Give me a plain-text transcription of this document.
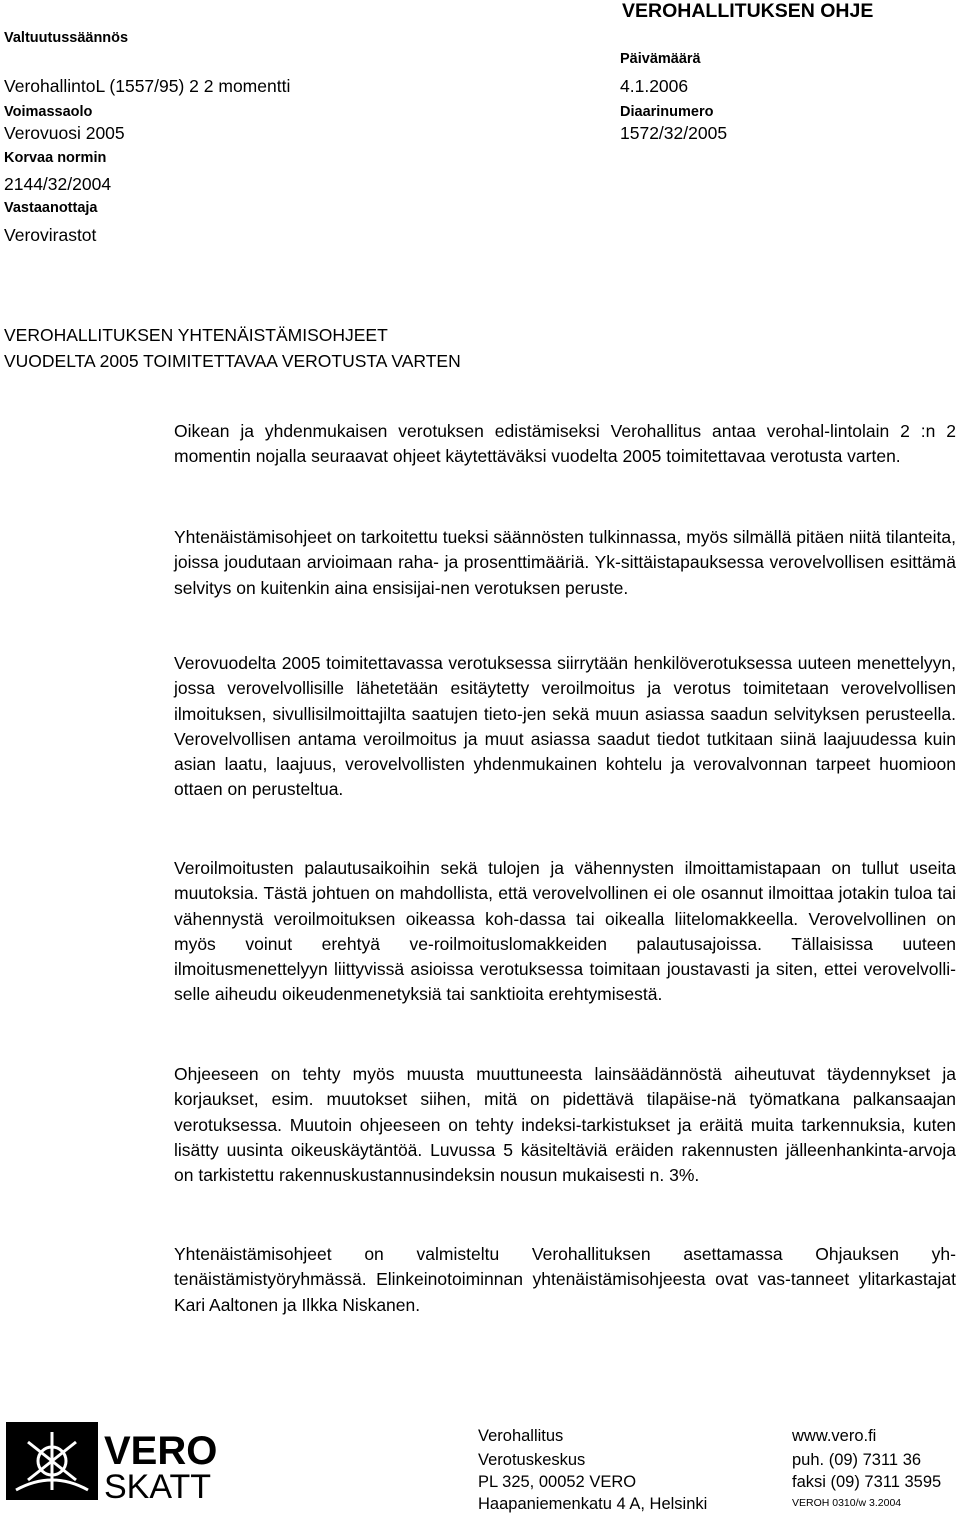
VEROHALLITUKSEN OHJE
Valtuutussäännös
VerohallintoL (1557/95) 2 2 momentti
Voimassaolo
Verovuosi 2005
Korvaa normin
2144/32/2004
Vastaanottaja
Verovirastot
Päivämäärä
4.1.2006
Diaarinumero
1572/32/2005
VEROHALLITUKSEN YHTENÄISTÄMISOHJEET
VUODELTA 2005 TOIMITETTAVAA VEROTUSTA VARTEN

Oikean ja yhdenmukaisen verotuksen edistämiseksi Verohallitus antaa verohal-lintolain 2 :n 2 momentin nojalla seuraavat ohjeet käytettäväksi vuodelta 2005 toimitettavaa verotusta varten.

Yhtenäistämisohjeet on tarkoitettu tueksi säännösten tulkinnassa, myös silmällä pitäen niitä tilanteita, joissa joudutaan arvioimaan raha- ja prosenttimääriä. Yk-sittäistapauksessa verovelvollisen esittämä selvitys on kuitenkin aina ensisijai-nen verotuksen peruste.

Verovuodelta 2005 toimitettavassa verotuksessa siirrytään henkilöverotuksessa uuteen menettelyyn, jossa verovelvollisille lähetetään esitäytetty veroilmoitus ja verotus toimitetaan verovelvollisen ilmoituksen, sivullisilmoittajilta saatujen tieto-jen sekä muun asiassa saadun selvityksen perusteella. Verovelvollisen antama veroilmoitus ja muut asiassa saadut tiedot tutkitaan siinä laajuudessa kuin asian laatu, laajuus, verovelvollisten yhdenmukainen kohtelu ja verovalvonnan tarpeet huomioon ottaen on perusteltua.

Veroilmoitusten palautusaikoihin sekä tulojen ja vähennysten ilmoittamistapaan on tullut useita muutoksia. Tästä johtuen on mahdollista, että verovelvollinen ei ole osannut ilmoittaa jotakin tuloa tai vähennystä veroilmoituksen oikeassa koh-dassa tai oikealla liitelomakkeella. Verovelvollinen on myös voinut erehtyä ve-roilmoituslomakkeiden palautusajoissa. Tällaisissa uuteen ilmoitusmenettelyyn liittyvissä asioissa verotuksessa toimitaan joustavasti ja siten, ettei verovelvolli-selle aiheudu oikeudenmenetyksiä tai sanktioita erehtymisestä.

Ohjeeseen on tehty myös muusta muuttuneesta lainsäädännöstä aiheutuvat täydennykset ja korjaukset, esim. muutokset siihen, mitä on pidettävä tilapäise-nä työmatkana palkansaajan verotuksessa. Muutoin ohjeeseen on tehty indeksi-tarkistukset ja eräitä muita tarkennuksia, kuten lisätty uusinta oikeuskäytäntöä. Luvussa 5 käsiteltäviä eräiden rakennusten jälleenhankinta-arvoja on tarkistettu rakennuskustannusindeksin nousun mukaisesti n. 3%.

Yhtenäistämisohjeet on valmisteltu Verohallituksen asettamassa Ohjauksen yh-tenäistämistyöryhmässä. Elinkeinotoiminnan yhtenäistämisohjeesta ovat vas-tanneet ylitarkastajat Kari Aaltonen ja Ilkka Niskanen.

VERO
SKATT
Verohallitus
Verotuskeskus
PL 325, 00052 VERO
Haapaniemenkatu 4 A, Helsinki
www.vero.fi
puh. (09) 7311 36
faksi (09) 7311 3595
VEROH 0310/w 3.2004
